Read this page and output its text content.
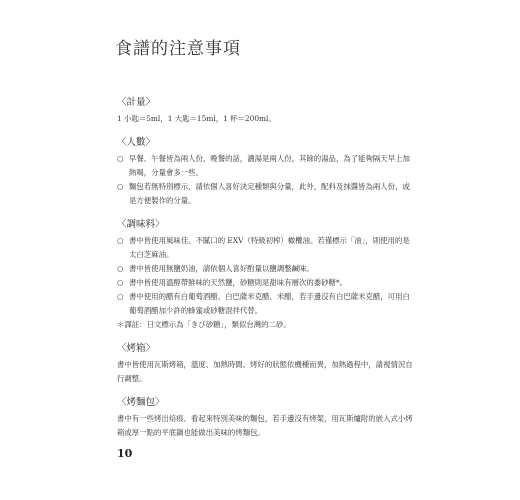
食譜的注意事項
〈計量〉

1 小匙＝5ml，1 大匙＝15ml，1 杯＝200ml。

〈人數〉
○ 早餐、午餐皆為兩人份，晚餐的話，濃湯是兩人份，其餘的湯品，為了能夠隔天早上加熱喝，分量會多一些。
○ 麵包若無特別標示，請依個人喜好決定種類與分量，此外，配料及抹醬皆為兩人份，或是方便製作的分量。
〈調味料〉
○ 書中皆使用風味佳、不膩口的 EXV（特級初榨）橄欖油。若僅標示「油」，則使用的是太白芝麻油。
○ 書中皆使用無鹽奶油，請依個人喜好酌量以鹽調整鹹味。
○ 書中皆使用溫醇帶鮮味的天然鹽，砂糖則是甜味有層次的黍砂糖*。
○ 書中使用的醋有白葡萄酒醋、白巴薩米克醋、米醋，若手邊沒有白巴薩米克醋，可用白葡萄酒醋加少許的蜂蜜或砂糖混拌代替。

＊譯註：日文標示為「きび砂糖」，類似台灣的二砂。

〈烤箱〉

書中皆使用瓦斯烤箱，溫度、加熱時間、烤好的狀態依機種而異，加熱過程中，請視情況自行調整。

〈烤麵包〉

書中有一些烤出焙痕、看起來特別美味的麵包，若手邊沒有烤架，用瓦斯爐附的嵌入式小烤箱或厚一點的平底鍋也能做出美味的烤麵包。

10
